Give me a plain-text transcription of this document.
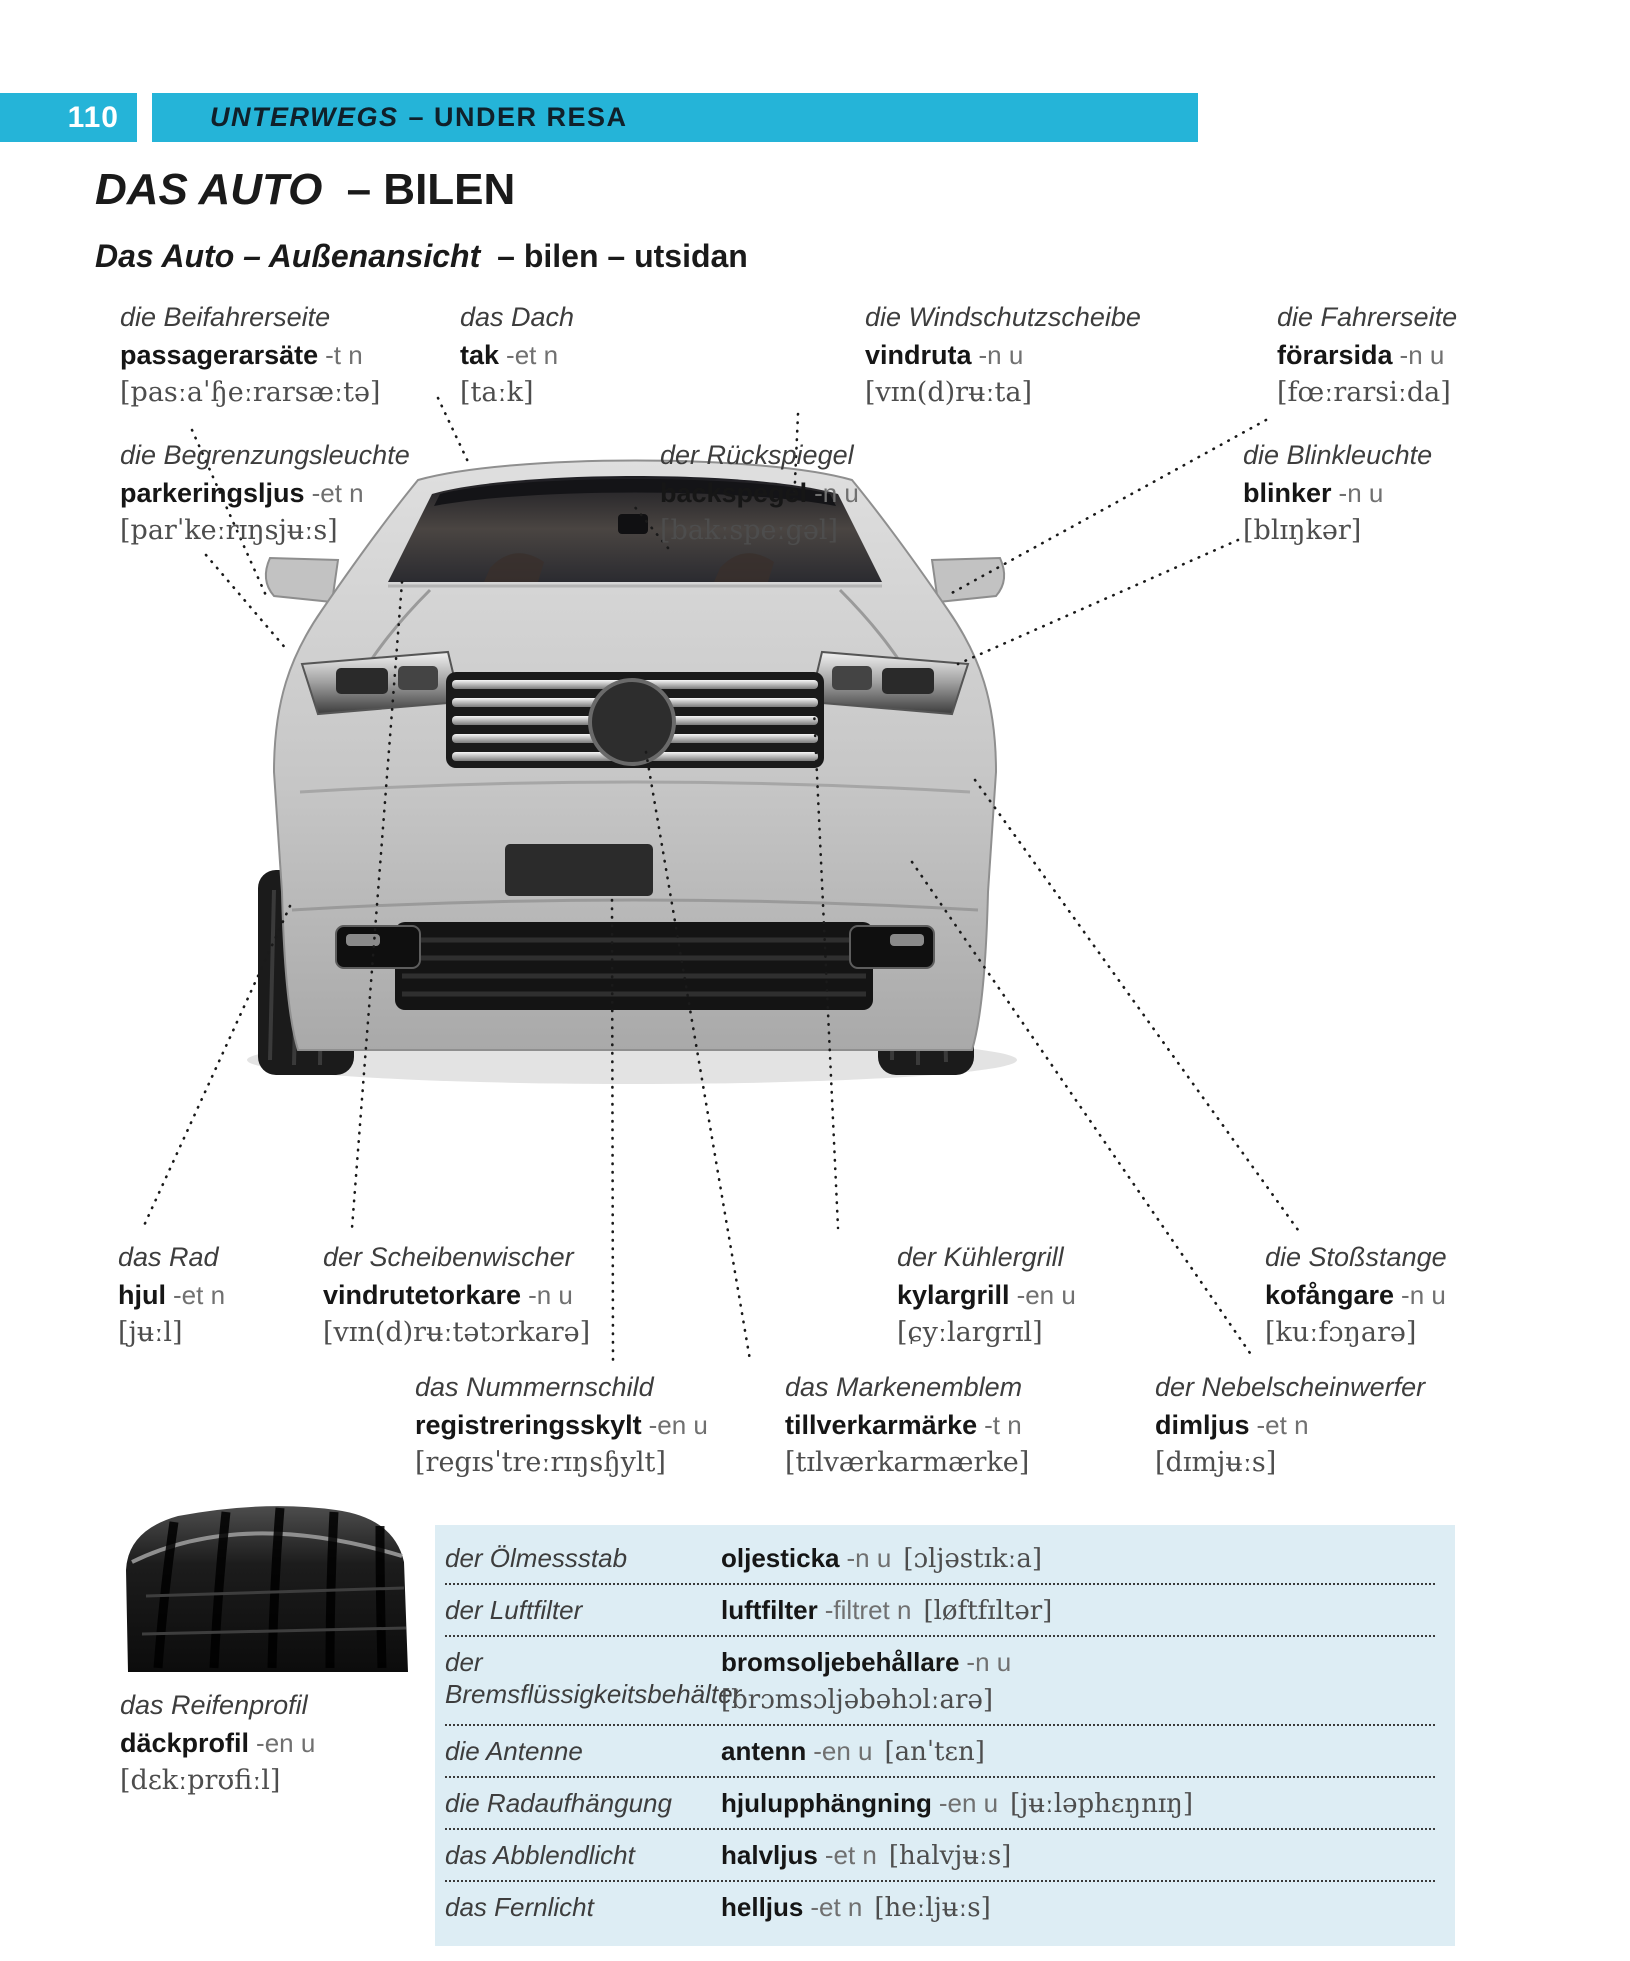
110	UNTERWEGS – UNDER RESA
DAS AUTO – BILEN
Das Auto – Außenansicht – bilen – utsidan
die Beifahrerseite
passagerarsäte -t n
[pasːaˈɧeːrarsæːtə]
das Dach
tak -et n
[taːk]
die Windschutzscheibe
vindruta -n u
[vɪn(d)rʉːta]
die Fahrerseite
förarsida -n u
[fœːrarsiːda]
die Begrenzungsleuchte
parkeringsljus -et n
[parˈkeːrɪŋsjʉːs]
der Rückspiegel
backspegel -n u
[bakːspeːgəl]
die Blinkleuchte
blinker -n u
[blɪŋkər]
das Rad
hjul -et n
[jʉːl]
der Scheibenwischer
vindrutetorkare -n u
[vɪn(d)rʉːtətɔrkarə]
der Kühlergrill
kylargrill -en u
[ɕyːlargrɪl]
die Stoßstange
kofångare -n u
[kuːfɔŋarə]
das Nummernschild
registreringsskylt -en u
[regɪsˈtreːrɪŋsɧylt]
das Markenemblem
tillverkarmärke -t n
[tɪlværkarmærke]
der Nebelscheinwerfer
dimljus -et n
[dɪmjʉːs]
das Reifenprofil
däckprofil -en u
[dɛkːprʊfiːl]
der Ölmessstab	oljesticka -n u [ɔljəstɪkːa]
der Luftfilter	luftfilter -filtret n [løftfɪltər]
der Bremsflüssigkeitsbehälter
bromsoljebehållare -n u
[brɔmsɔljəbəhɔlːarə]
die Antenne	antenn -en u [anˈtɛn]
die Radaufhängung	hjulupphängning -en u [jʉːləphɛŋnɪŋ]
das Abblendlicht	halvljus -et n [halvjʉːs]
das Fernlicht	helljus -et n [heːljʉːs]
